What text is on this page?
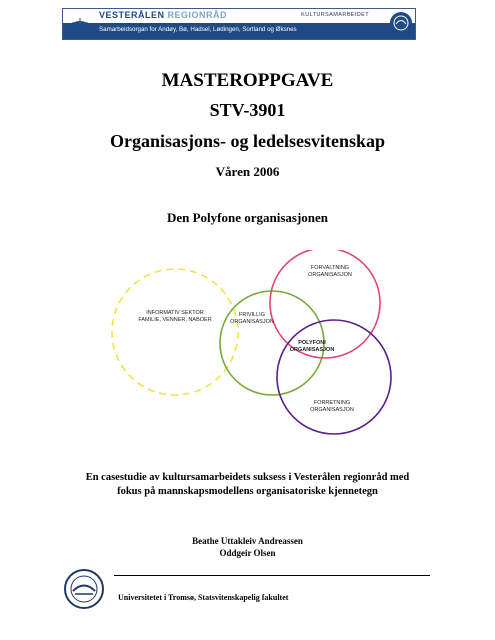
VESTERÅLEN REGIONRÅD
Samarbeidsorgan for Andøy, Bø, Hadsel, Lødingen, Sortland og Øksnes
KULTURSAMARBEIDET
MASTEROPPGAVE
STV-3901
Organisasjons- og ledelsesvitenskap
Våren 2006
Den Polyfone organisasjonen
INFORMATIV SEKTOR
FAMILIE, VENNER, NABOER
FRIVILLIG
ORGANISASJON
FORVALTNING
ORGANISASJON
POLYFONI
ORGANISASJON
FORRETNING
ORGANISASJON
En casestudie av kultursamarbeidets suksess i Vesterålen regionråd med
fokus på mannskapsmodellens organisatoriske kjennetegn
Beathe Uttakleiv Andreassen
Oddgeir Olsen
Universitetet i Tromsø, Statsvitenskapelig fakultet
